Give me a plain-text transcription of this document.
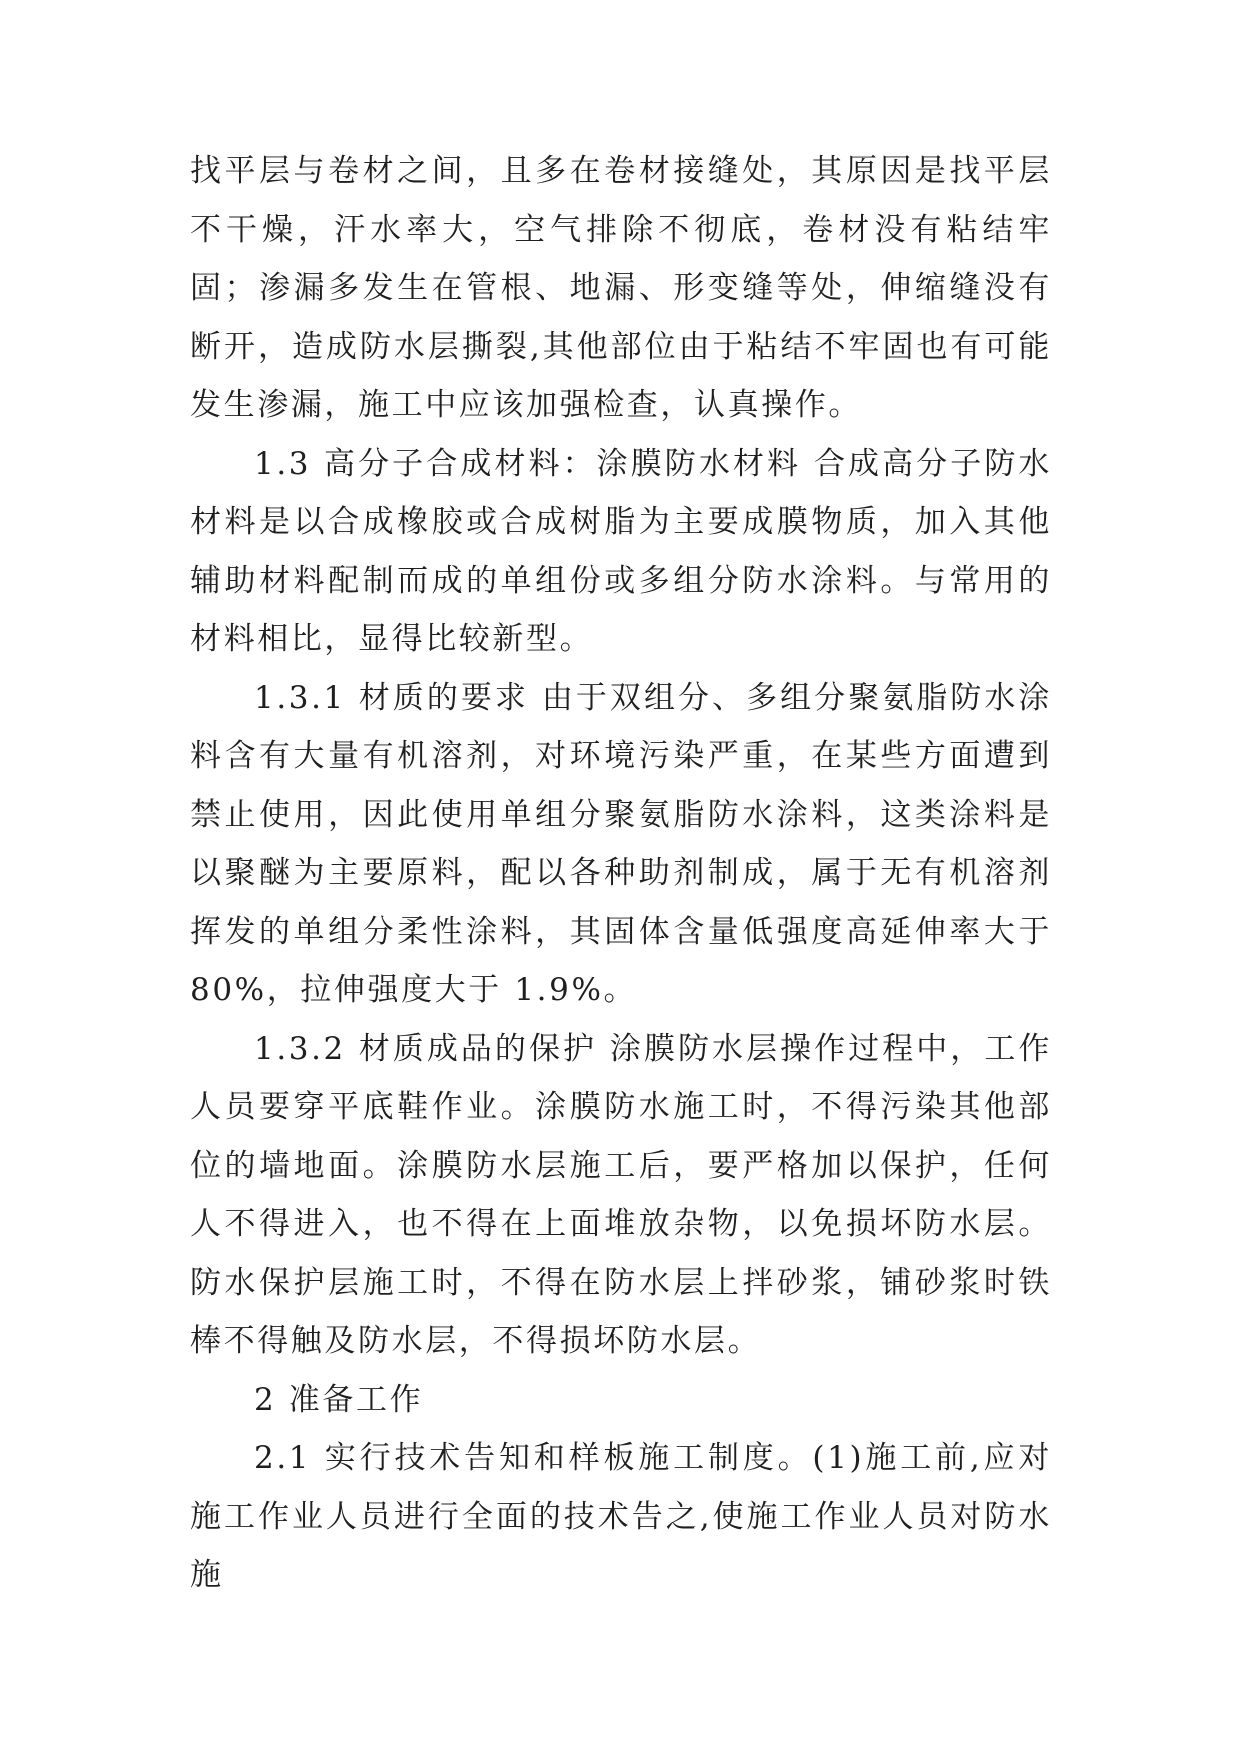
找平层与卷材之间，且多在卷材接缝处，其原因是找平层不干燥，汗水率大，空气排除不彻底，卷材没有粘结牢固；渗漏多发生在管根、地漏、形变缝等处，伸缩缝没有断开，造成防水层撕裂,其他部位由于粘结不牢固也有可能发生渗漏，施工中应该加强检查，认真操作。

1.3 高分子合成材料：涂膜防水材料 合成高分子防水材料是以合成橡胶或合成树脂为主要成膜物质，加入其他辅助材料配制而成的单组份或多组分防水涂料。与常用的材料相比，显得比较新型。

1.3.1 材质的要求 由于双组分、多组分聚氨脂防水涂料含有大量有机溶剂，对环境污染严重，在某些方面遭到禁止使用，因此使用单组分聚氨脂防水涂料，这类涂料是以聚醚为主要原料，配以各种助剂制成，属于无有机溶剂挥发的单组分柔性涂料，其固体含量低强度高延伸率大于 80%，拉伸强度大于 1.9%。

1.3.2 材质成品的保护 涂膜防水层操作过程中，工作人员要穿平底鞋作业。涂膜防水施工时，不得污染其他部位的墙地面。涂膜防水层施工后，要严格加以保护，任何人不得进入，也不得在上面堆放杂物，以免损坏防水层。防水保护层施工时，不得在防水层上拌砂浆，铺砂浆时铁棒不得触及防水层，不得损坏防水层。

2 准备工作

2.1 实行技术告知和样板施工制度。(1)施工前,应对施工作业人员进行全面的技术告之,使施工作业人员对防水施
